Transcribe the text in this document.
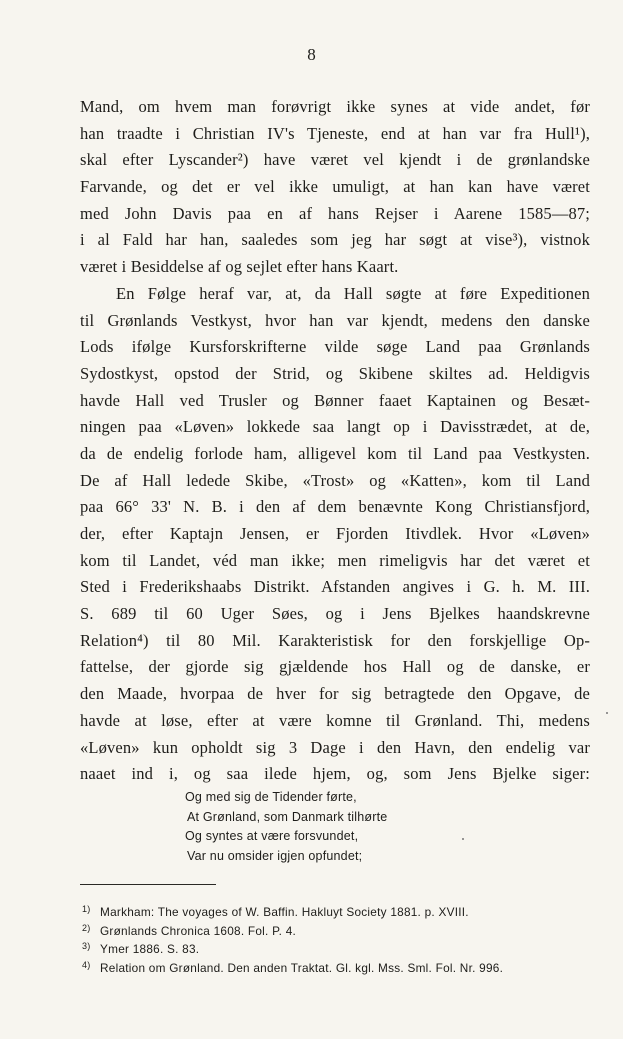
8
Mand, om hvem man forøvrigt ikke synes at vide andet, før
han traadte i Christian IV's Tjeneste, end at han var fra Hull¹),
skal efter Lyscander²) have været vel kjendt i de grønlandske
Farvande, og det er vel ikke umuligt, at han kan have været
med John Davis paa en af hans Rejser i Aarene 1585—87;
i al Fald har han, saaledes som jeg har søgt at vise³), vistnok
været i Besiddelse af og sejlet efter hans Kaart.
En Følge heraf var, at, da Hall søgte at føre Expeditionen
til Grønlands Vestkyst, hvor han var kjendt, medens den danske
Lods ifølge Kursforskrifterne vilde søge Land paa Grønlands
Sydostkyst, opstod der Strid, og Skibene skiltes ad. Heldigvis
havde Hall ved Trusler og Bønner faaet Kaptainen og Besæt-
ningen paa «Løven» lokkede saa langt op i Davisstrædet, at de,
da de endelig forlode ham, alligevel kom til Land paa Vestkysten.
De af Hall ledede Skibe, «Trost» og «Katten», kom til Land
paa 66° 33' N. B. i den af dem benævnte Kong Christiansfjord,
der, efter Kaptajn Jensen, er Fjorden Itivdlek. Hvor «Løven»
kom til Landet, véd man ikke; men rimeligvis har det været et
Sted i Frederikshaabs Distrikt. Afstanden angives i G. h. M. III.
S. 689 til 60 Uger Søes, og i Jens Bjelkes haandskrevne
Relation⁴) til 80 Mil. Karakteristisk for den forskjellige Op-
fattelse, der gjorde sig gjældende hos Hall og de danske, er
den Maade, hvorpaa de hver for sig betragtede den Opgave, de
havde at løse, efter at være komne til Grønland. Thi, medens
«Løven» kun opholdt sig 3 Dage i den Havn, den endelig var
naaet ind i, og saa ilede hjem, og, som Jens Bjelke siger:
Og med sig de Tidender førte,
At Grønland, som Danmark tilhørte
Og syntes at være forsvundet,
Var nu omsider igjen opfundet;
1) Markham: The voyages of W. Baffin. Hakluyt Society 1881. p. XVIII.
2) Grønlands Chronica 1608. Fol. P. 4.
3) Ymer 1886. S. 83.
4) Relation om Grønland. Den anden Traktat. Gl. kgl. Mss. Sml. Fol. Nr. 996.
